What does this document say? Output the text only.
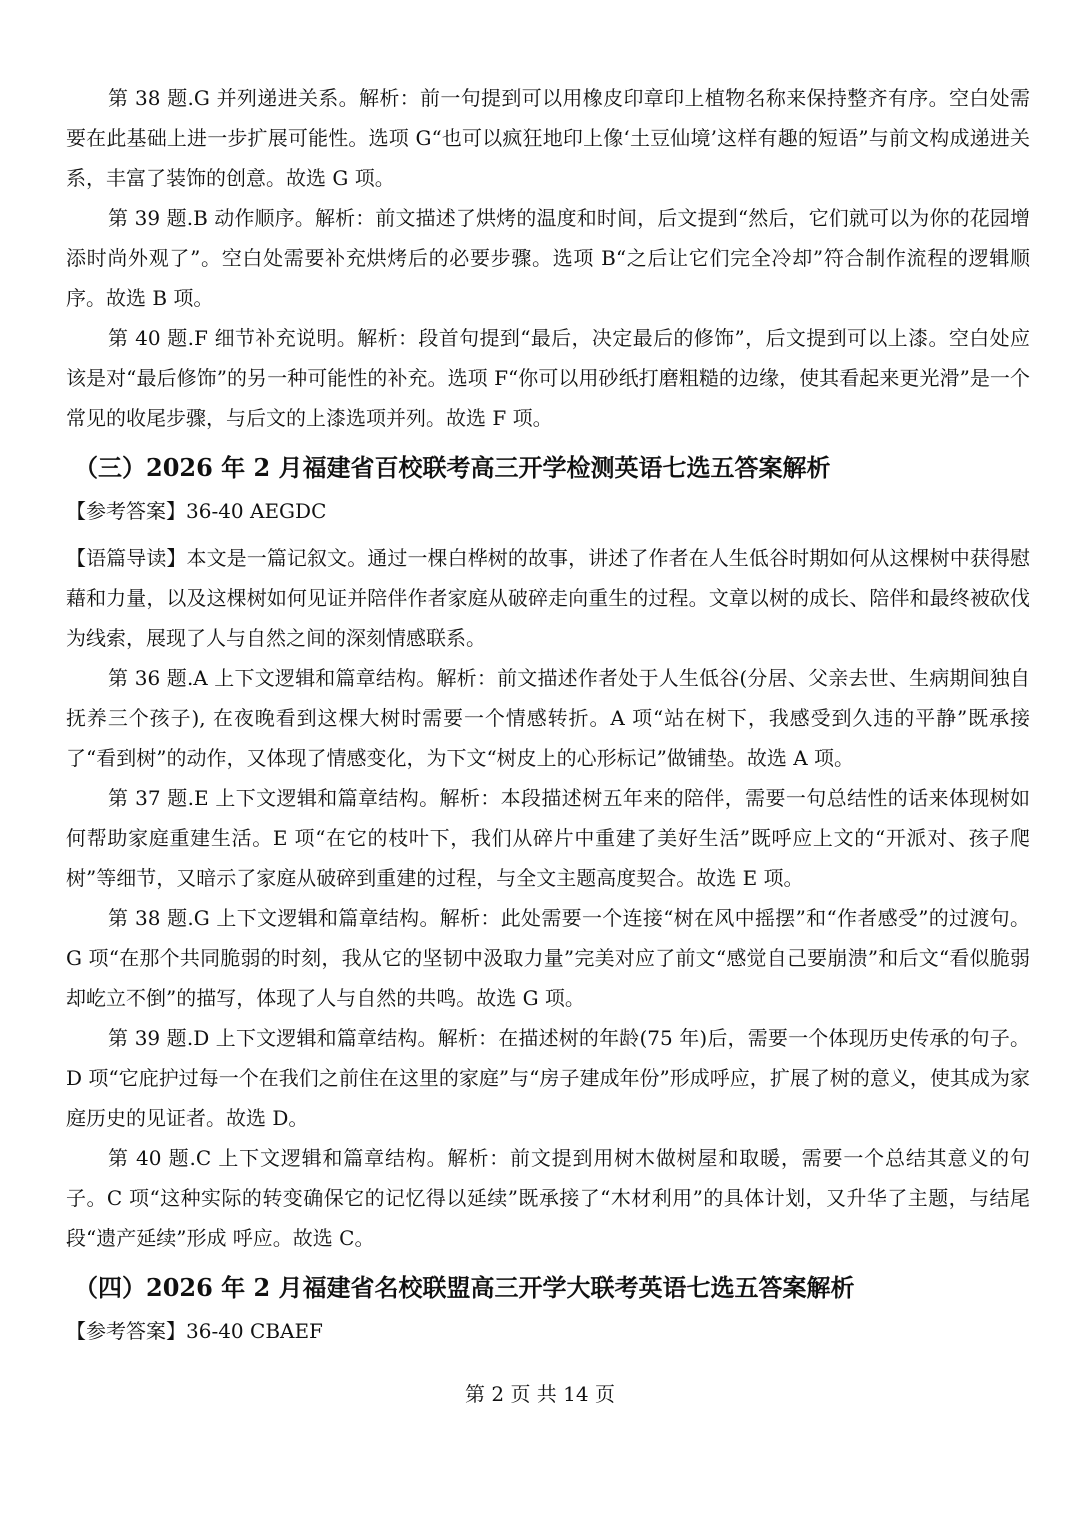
第 38 题.G 并列递进关系。解析：前一句提到可以用橡皮印章印上植物名称来保持整齐有序。空白处需要在此基础上进一步扩展可能性。选项 G“也可以疯狂地印上像‘土豆仙境’这样有趣的短语”与前文构成递进关系，丰富了装饰的创意。故选 G 项。

第 39 题.B 动作顺序。解析：前文描述了烘烤的温度和时间，后文提到“然后，它们就可以为你的花园增添时尚外观了”。空白处需要补充烘烤后的必要步骤。选项 B“之后让它们完全冷却”符合制作流程的逻辑顺序。故选 B 项。

第 40 题.F 细节补充说明。解析：段首句提到“最后，决定最后的修饰”，后文提到可以上漆。空白处应该是对“最后修饰”的另一种可能性的补充。选项 F“你可以用砂纸打磨粗糙的边缘，使其看起来更光滑”是一个常见的收尾步骤，与后文的上漆选项并列。故选 F 项。

（三）2026 年 2 月福建省百校联考高三开学检测英语七选五答案解析

【参考答案】36-40 AEGDC

【语篇导读】本文是一篇记叙文。通过一棵白桦树的故事，讲述了作者在人生低谷时期如何从这棵树中获得慰藉和力量，以及这棵树如何见证并陪伴作者家庭从破碎走向重生的过程。文章以树的成长、陪伴和最终被砍伐为线索，展现了人与自然之间的深刻情感联系。

第 36 题.A 上下文逻辑和篇章结构。解析：前文描述作者处于人生低谷(分居、父亲去世、生病期间独自抚养三个孩子), 在夜晚看到这棵大树时需要一个情感转折。A 项“站在树下，我感受到久违的平静”既承接了“看到树”的动作，又体现了情感变化，为下文“树皮上的心形标记”做铺垫。故选 A 项。

第 37 题.E 上下文逻辑和篇章结构。解析：本段描述树五年来的陪伴，需要一句总结性的话来体现树如何帮助家庭重建生活。E 项“在它的枝叶下，我们从碎片中重建了美好生活”既呼应上文的“开派对、孩子爬树”等细节，又暗示了家庭从破碎到重建的过程，与全文主题高度契合。故选 E 项。

第 38 题.G 上下文逻辑和篇章结构。解析：此处需要一个连接“树在风中摇摆”和“作者感受”的过渡句。G 项“在那个共同脆弱的时刻，我从它的坚韧中汲取力量”完美对应了前文“感觉自己要崩溃”和后文“看似脆弱却屹立不倒”的描写，体现了人与自然的共鸣。故选 G 项。

第 39 题.D 上下文逻辑和篇章结构。解析：在描述树的年龄(75 年)后，需要一个体现历史传承的句子。D 项“它庇护过每一个在我们之前住在这里的家庭”与“房子建成年份”形成呼应，扩展了树的意义，使其成为家庭历史的见证者。故选 D。

第 40 题.C 上下文逻辑和篇章结构。解析：前文提到用树木做树屋和取暖，需要一个总结其意义的句子。C 项“这种实际的转变确保它的记忆得以延续”既承接了“木材利用”的具体计划，又升华了主题，与结尾段“遗产延续”形成 呼应。故选 C。

（四）2026 年 2 月福建省名校联盟高三开学大联考英语七选五答案解析

【参考答案】36-40 CBAEF

第 2 页 共 14 页
